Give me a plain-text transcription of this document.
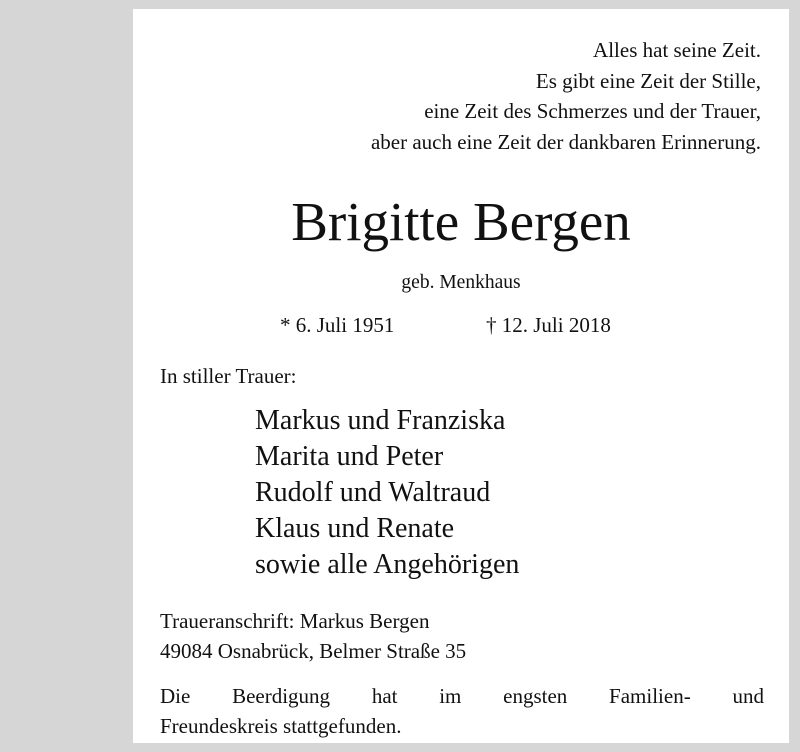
Alles hat seine Zeit.
Es gibt eine Zeit der Stille,
eine Zeit des Schmerzes und der Trauer,
aber auch eine Zeit der dankbaren Erinnerung.
Brigitte Bergen
geb. Menkhaus
* 6. Juli 1951	† 12. Juli 2018
In stiller Trauer:
Markus und Franziska
Marita und Peter
Rudolf und Waltraud
Klaus und Renate
sowie alle Angehörigen
Traueranschrift: Markus Bergen
49084 Osnabrück, Belmer Straße 35
Die Beerdigung hat im engsten Familien- und
Freundeskreis stattgefunden.
